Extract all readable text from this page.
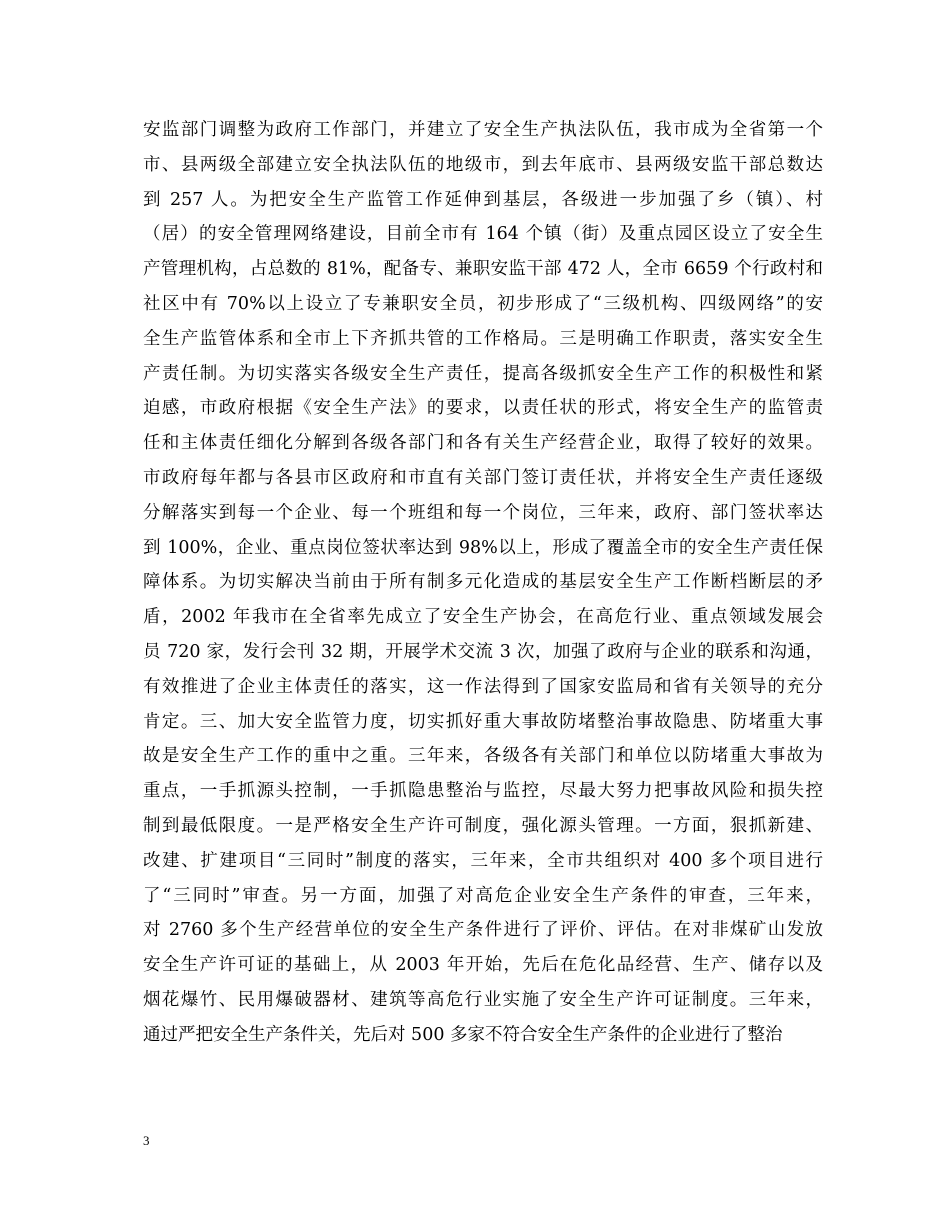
安监部门调整为政府工作部门，并建立了安全生产执法队伍，我市成为全省第一个
市、县两级全部建立安全执法队伍的地级市，到去年底市、县两级安监干部总数达
到 257 人。为把安全生产监管工作延伸到基层，各级进一步加强了乡（镇）、村
（居）的安全管理网络建设，目前全市有 164 个镇（街）及重点园区设立了安全生
产管理机构，占总数的 81%，配备专、兼职安监干部 472 人，全市 6659 个行政村和
社区中有 70%以上设立了专兼职安全员，初步形成了“三级机构、四级网络”的安
全生产监管体系和全市上下齐抓共管的工作格局。三是明确工作职责，落实安全生
产责任制。为切实落实各级安全生产责任，提高各级抓安全生产工作的积极性和紧
迫感，市政府根据《安全生产法》的要求，以责任状的形式，将安全生产的监管责
任和主体责任细化分解到各级各部门和各有关生产经营企业，取得了较好的效果。
市政府每年都与各县市区政府和市直有关部门签订责任状，并将安全生产责任逐级
分解落实到每一个企业、每一个班组和每一个岗位，三年来，政府、部门签状率达
到 100%，企业、重点岗位签状率达到 98%以上，形成了覆盖全市的安全生产责任保
障体系。为切实解决当前由于所有制多元化造成的基层安全生产工作断档断层的矛
盾，2002 年我市在全省率先成立了安全生产协会，在高危行业、重点领域发展会
员 720 家，发行会刊 32 期，开展学术交流 3 次，加强了政府与企业的联系和沟通，
有效推进了企业主体责任的落实，这一作法得到了国家安监局和省有关领导的充分
肯定。三、加大安全监管力度，切实抓好重大事故防堵整治事故隐患、防堵重大事
故是安全生产工作的重中之重。三年来，各级各有关部门和单位以防堵重大事故为
重点，一手抓源头控制，一手抓隐患整治与监控，尽最大努力把事故风险和损失控
制到最低限度。一是严格安全生产许可制度，强化源头管理。一方面，狠抓新建、
改建、扩建项目“三同时”制度的落实，三年来，全市共组织对 400 多个项目进行
了“三同时”审查。另一方面，加强了对高危企业安全生产条件的审查，三年来，
对 2760 多个生产经营单位的安全生产条件进行了评价、评估。在对非煤矿山发放
安全生产许可证的基础上，从 2003 年开始，先后在危化品经营、生产、储存以及
烟花爆竹、民用爆破器材、建筑等高危行业实施了安全生产许可证制度。三年来，
通过严把安全生产条件关，先后对 500 多家不符合安全生产条件的企业进行了整治
3
